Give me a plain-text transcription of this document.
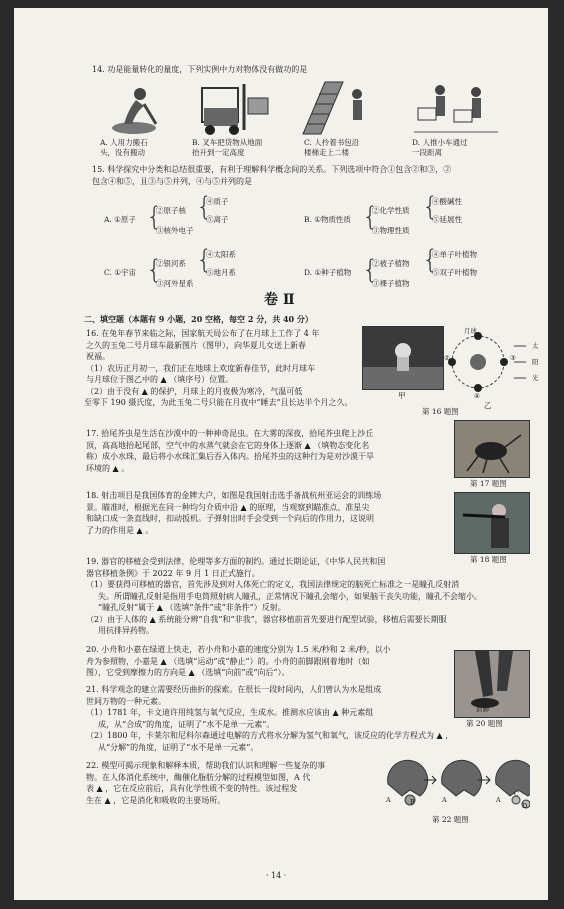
14. 功是能量转化的量度，下列实例中力对物体没有做功的是
A. 人用力搬石
头，没有搬动
B. 叉车把货物从地面
抬升到一定高度
C. 人拎着书包沿
楼梯走上二楼
D. 人推小车通过
一段距离
15. 科学探究中分类和总结很重要，有利于理解科学概念间的关系。下列选项中符合①包含②和③，②
包含④和⑤，且③与⑤并列，④与⑤并列的是
A. ①原子 {
②原子核
③核外电子
{
④质子
⑤离子	B. ①物质性质 {
②化学性质
③物理性质
{
④酸碱性
⑤延展性
C. ①宇宙 {
②银河系
③河外星系
{
④太阳系
⑤地月系	D. ①种子植物 {
②被子植物
③裸子植物
{
④单子叶植物
⑤双子叶植物
卷 Ⅱ
二、填空题（本题有 9 小题，20 空格，每空 2 分，共 40 分）
16. 在兔年春节来临之际，国家航天局公布了在月球上工作了 4 年
之久的玉兔二号月球车最新图片（图甲），向华夏儿女送上新春
祝福。
（1）农历正月初一，我们正在地球上欢度新春佳节，此时月球车
与月球位于图乙中的 ▲ （填序号）位置。
（2）由于没有 ▲ 的保护，月球上的月夜极为寒冷，气温可低
至零下 190 摄氏度，为此玉兔二号只能在月夜中“睡去”且长达半个月之久。
甲
月球
①
②	③
④
太
阳
光
乙
第 16 题图
17. 拾尾芥虫是生活在沙漠中的一种神奇昆虫。在大雾的深夜，拾尾芥虫爬上沙丘
顶，高高地抬起尾部，空气中的水蒸气就会在它的身体上逐渐 ▲ （填物态变化名
称）成小水珠，最后将小水珠汇集后吞入体内。拾尾芥虫的这种行为是对沙漠干旱
环境的 ▲ 。
第 17 题图
18. 射击项目是我国体育的金牌大户，如图是我国射击选手备战杭州亚运会的训练场
景。瞄准时，根据光在同一种均匀介质中沿 ▲ 的原理，当观察到瞄准点、准星尖
和缺口成一条直线时，扣动扳机。子弹射出时手会受到一个向后的作用力，这说明
了力的作用是 ▲ 。
第 18 题图
19. 器官的移植会受到法律、伦理等多方面的制约。通过长期论证，《中华人民共和国
器官移植条例》于 2022 年 9 月 1 日正式施行。
（1）要获得可移植的器官，首先涉及到对人体死亡的定义，我国法律规定的脑死亡标准之一是瞳孔反射消
失。所谓瞳孔反射是指用手电筒照射病人瞳孔，正常情况下瞳孔会缩小，如果脑干丧失功能，瞳孔不会缩小。
“瞳孔反射”属于 ▲ （选填“条件”或“非条件”）反射。
（2）由于人体的 ▲ 系统能分辨“自我”和“非我”，器官移植前首先要进行配型试验，移植后需要长期服
用抗排异药物。
20. 小舟和小嘉在绿道上快走，若小舟和小嘉的速度分别为 1.5 米/秒和 2 米/秒，以小
舟为参照物，小嘉是 ▲ （选填“运动”或“静止”）的。小舟的前脚跟刚着地时（如
图），它受到摩擦力的方向是 ▲ （选填“向前”或“向后”）。
前脚
第 20 题图
21. 科学观念的建立需要经历曲折的探索。在很长一段时间内，人们曾认为水是组成
世间万物的一种元素。
（1）1781 年，卡文迪许用纯氢与氧气反应，生成水。推测水应该由 ▲ 种元素组
成，从“合成”的角度，证明了“水不是单一元素”。
（2）1800 年，卡莱尔和尼科尔森通过电解的方式将水分解为氢气和氧气，该反应的化学方程式为 ▲ ，
从“分解”的角度，证明了“水不是单一元素”。
22. 模型可揭示现象和解释本质，帮助我们认识和理解一些复杂的事
物。在人体消化系统中，酶催化脂肪分解的过程模型如图，A 代
表 ▲ ，它在反应前后，具有化学性质不变的特性。该过程发
生在 ▲ ，它是消化和吸收的主要场所。	A	B	A
C
A
D
第 22 题图
· 14 ·
